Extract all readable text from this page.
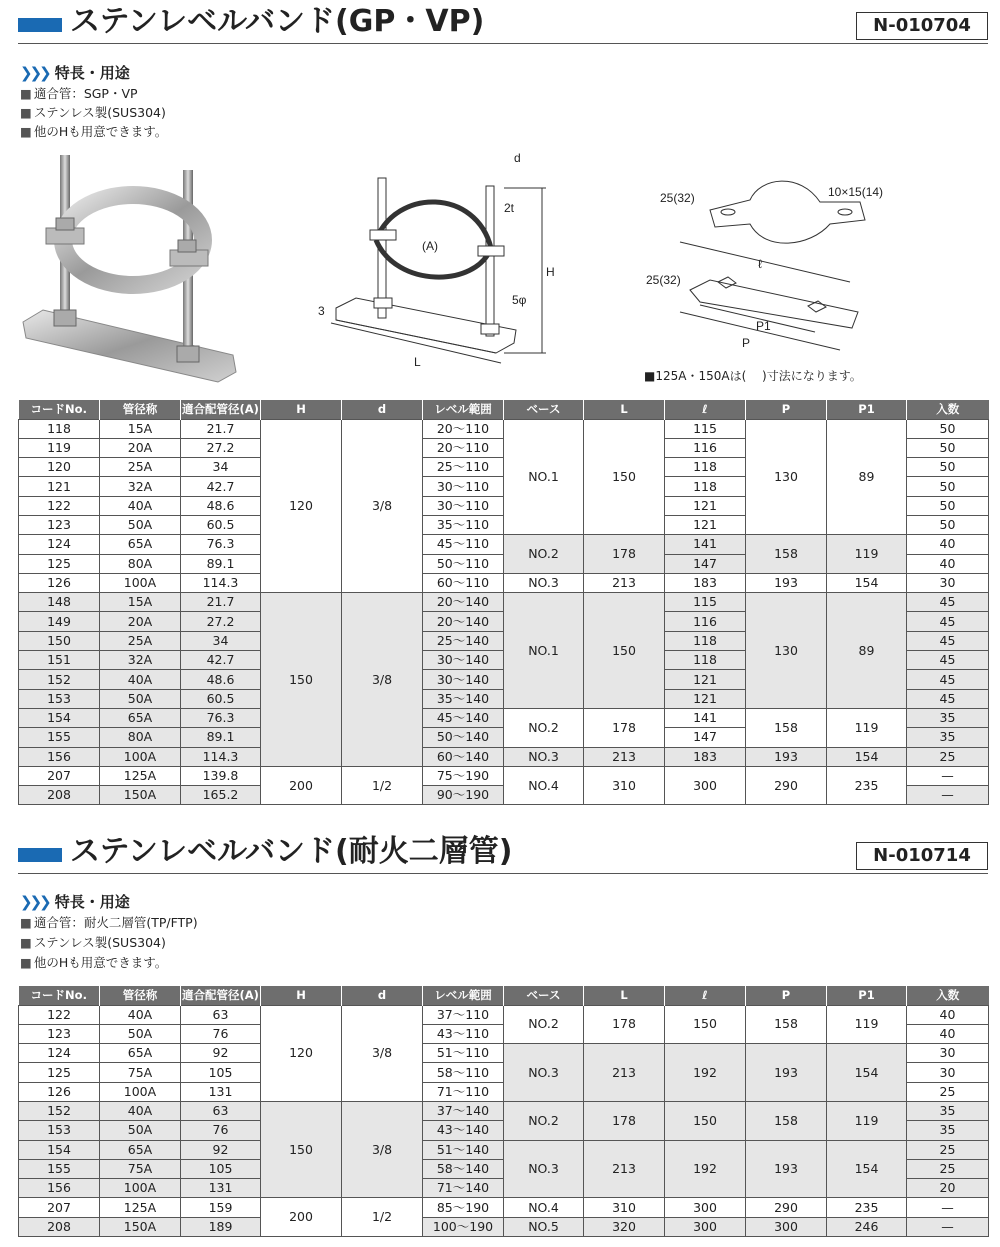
ステンレベルバンド(GP・VP)	N-010704
❯❯❯ 特長・用途
■ 適合管：SGP・VP
■ ステンレス製(SUS304)
■ 他のHも用意できます。
d
2t
(A)
H
5φ
3
L
25(32)	10×15(14)
ℓ
25(32)
P1
P
■125A・150Aは(　 )寸法になります。
コードNo.	管径称	適合配管径(A)	H	d	レベル範囲	ベース	L	ℓ	P	P1	入数
118	15A	21.7	120	3/8	20〜110	NO.1	150	115	130	89	50
119	20A	27.2			20〜110			116			50
120	25A	34			25〜110			118			50
121	32A	42.7			30〜110			118			50
122	40A	48.6			30〜110			121			50
123	50A	60.5			35〜110			121			50
124	65A	76.3			45〜110	NO.2	178	141	158	119	40
125	80A	89.1			50〜110			147			40
126	100A	114.3			60〜110	NO.3	213	183	193	154	30
148	15A	21.7	150	3/8	20〜140	NO.1	150	115	130	89	45
149	20A	27.2			20〜140			116			45
150	25A	34			25〜140			118			45
151	32A	42.7			30〜140			118			45
152	40A	48.6			30〜140			121			45
153	50A	60.5			35〜140			121			45
154	65A	76.3			45〜140	NO.2	178	141	158	119	35
155	80A	89.1			50〜140			147			35
156	100A	114.3			60〜140	NO.3	213	183	193	154	25
207	125A	139.8	200	1/2	75〜190	NO.4	310	300	290	235	—
208	150A	165.2			90〜190						—
ステンレベルバンド(耐火二層管)	N-010714
❯❯❯ 特長・用途
■ 適合管：耐火二層管(TP/FTP)
■ ステンレス製(SUS304)
■ 他のHも用意できます。
コードNo.	管径称	適合配管径(A)	H	d	レベル範囲	ベース	L	ℓ	P	P1	入数
122	40A	63	120	3/8	37〜110	NO.2	178	150	158	119	40
123	50A	76			43〜110						40
124	65A	92			51〜110	NO.3	213	192	193	154	30
125	75A	105			58〜110						30
126	100A	131			71〜110						25
152	40A	63	150	3/8	37〜140	NO.2	178	150	158	119	35
153	50A	76			43〜140						35
154	65A	92			51〜140	NO.3	213	192	193	154	25
155	75A	105			58〜140						25
156	100A	131			71〜140						20
207	125A	159	200	1/2	85〜190	NO.4	310	300	290	235	—
208	150A	189			100〜190	NO.5	320	300	300	246	—
